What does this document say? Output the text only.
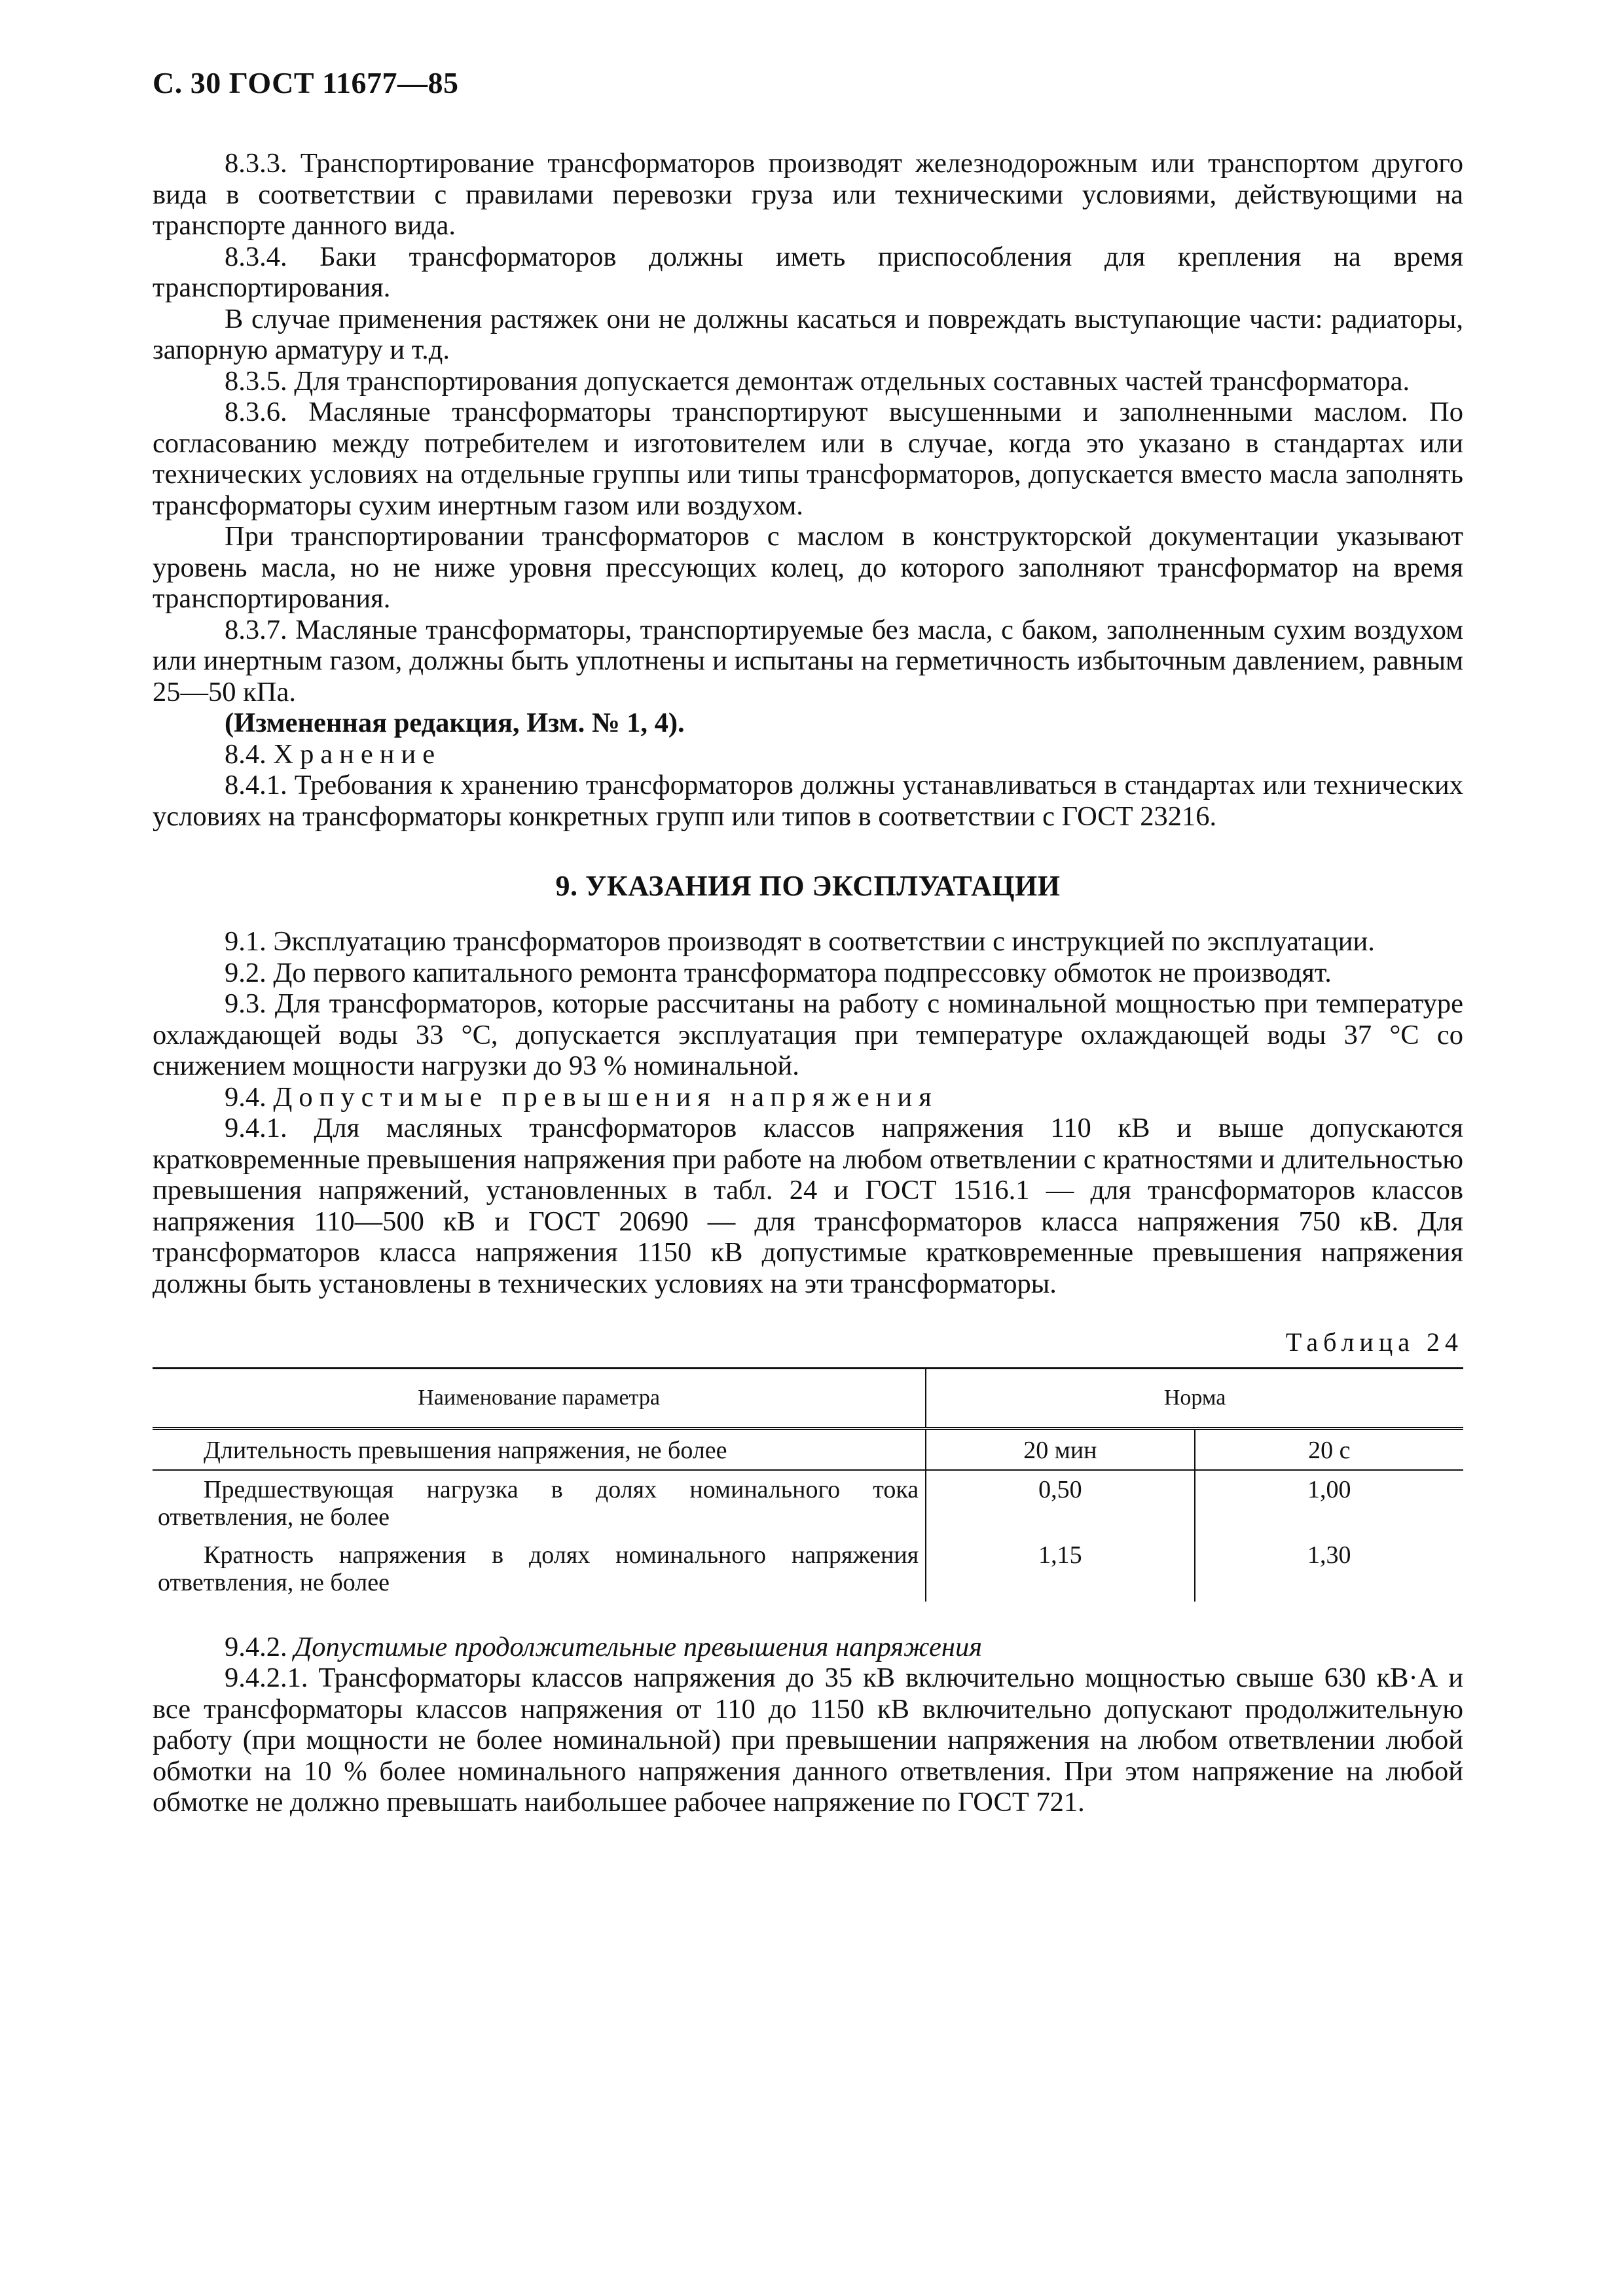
С. 30 ГОСТ 11677—85

8.3.3. Транспортирование трансформаторов производят железнодорожным или транспортом другого вида в соответствии с правилами перевозки груза или техническими условиями, действующими на транспорте данного вида.

8.3.4. Баки трансформаторов должны иметь приспособления для крепления на время транспортирования.

В случае применения растяжек они не должны касаться и повреждать выступающие части: радиаторы, запорную арматуру и т.д.

8.3.5. Для транспортирования допускается демонтаж отдельных составных частей трансформатора.

8.3.6. Масляные трансформаторы транспортируют высушенными и заполненными маслом. По согласованию между потребителем и изготовителем или в случае, когда это указано в стандартах или технических условиях на отдельные группы или типы трансформаторов, допускается вместо масла заполнять трансформаторы сухим инертным газом или воздухом.

При транспортировании трансформаторов с маслом в конструкторской документации указывают уровень масла, но не ниже уровня прессующих колец, до которого заполняют трансформатор на время транспортирования.

8.3.7. Масляные трансформаторы, транспортируемые без масла, с баком, заполненным сухим воздухом или инертным газом, должны быть уплотнены и испытаны на герметичность избыточным давлением, равным 25—50 кПа.

(Измененная редакция, Изм. № 1, 4).

8.4. Хранение

8.4.1. Требования к хранению трансформаторов должны устанавливаться в стандартах или технических условиях на трансформаторы конкретных групп или типов в соответствии с ГОСТ 23216.

9. УКАЗАНИЯ ПО ЭКСПЛУАТАЦИИ

9.1. Эксплуатацию трансформаторов производят в соответствии с инструкцией по эксплуатации.

9.2. До первого капитального ремонта трансформатора подпрессовку обмоток не производят.

9.3. Для трансформаторов, которые рассчитаны на работу с номинальной мощностью при температуре охлаждающей воды 33 °С, допускается эксплуатация при температуре охлаждающей воды 37 °С со снижением мощности нагрузки до 93 % номинальной.

9.4. Допустимые превышения напряжения

9.4.1. Для масляных трансформаторов классов напряжения 110 кВ и выше допускаются кратковременные превышения напряжения при работе на любом ответвлении с кратностями и длительностью превышения напряжений, установленных в табл. 24 и ГОСТ 1516.1 — для трансформаторов классов напряжения 110—500 кВ и ГОСТ 20690 — для трансформаторов класса напряжения 750 кВ. Для трансформаторов класса напряжения 1150 кВ допустимые кратковременные превышения напряжения должны быть установлены в технических условиях на эти трансформаторы.

Таблица 24

Наименование параметра	Норма	
Длительность превышения напряжения, не более	20 мин	20 с
Предшествующая нагрузка в долях номинального тока ответвления, не более	0,50	1,00
Кратность напряжения в долях номинального напряжения ответвления, не более	1,15	1,30

9.4.2. Допустимые продолжительные превышения напряжения

9.4.2.1. Трансформаторы классов напряжения до 35 кВ включительно мощностью свыше 630 кВ·А и все трансформаторы классов напряжения от 110 до 1150 кВ включительно допускают продолжительную работу (при мощности не более номинальной) при превышении напряжения на любом ответвлении любой обмотки на 10 % более номинального напряжения данного ответвления. При этом напряжение на любой обмотке не должно превышать наибольшее рабочее напряжение по ГОСТ 721.
